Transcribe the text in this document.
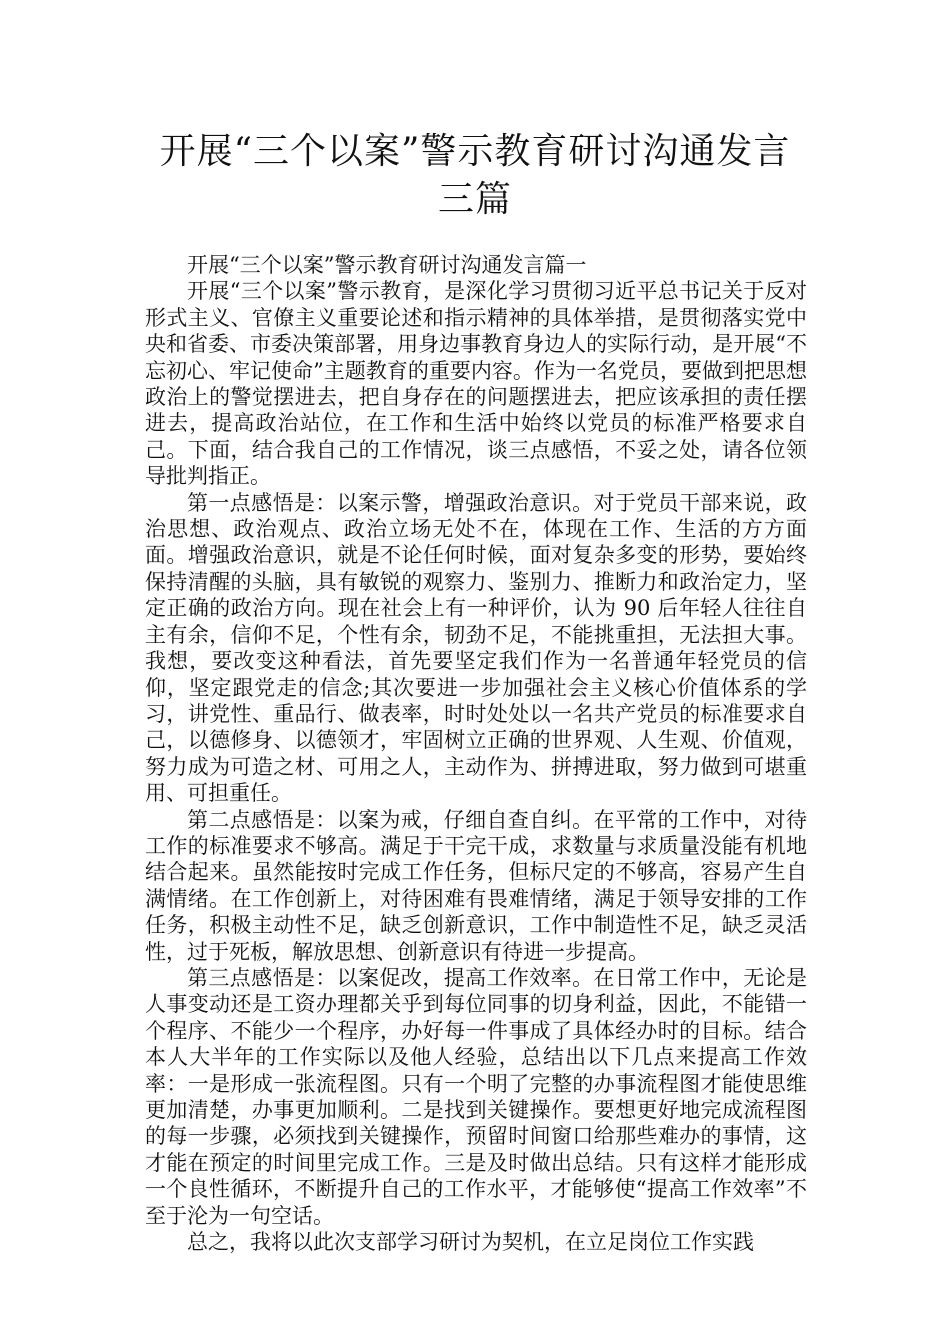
开展“三个以案”警示教育研讨沟通发言
三篇

开展“三个以案”警示教育研讨沟通发言篇一

开展“三个以案”警示教育，是深化学习贯彻习近平总书记关于反对形式主义、官僚主义重要论述和指示精神的具体举措，是贯彻落实党中央和省委、市委决策部署，用身边事教育身边人的实际行动，是开展“不忘初心、牢记使命”主题教育的重要内容。作为一名党员，要做到把思想政治上的警觉摆进去，把自身存在的问题摆进去，把应该承担的责任摆进去，提高政治站位，在工作和生活中始终以党员的标准严格要求自己。下面，结合我自己的工作情况，谈三点感悟，不妥之处，请各位领导批判指正。

第一点感悟是：以案示警，增强政治意识。对于党员干部来说，政治思想、政治观点、政治立场无处不在，体现在工作、生活的方方面面。增强政治意识，就是不论任何时候，面对复杂多变的形势，要始终保持清醒的头脑，具有敏锐的观察力、鉴别力、推断力和政治定力，坚定正确的政治方向。现在社会上有一种评价，认为 90 后年轻人往往自主有余，信仰不足，个性有余，韧劲不足，不能挑重担，无法担大事。我想，要改变这种看法，首先要坚定我们作为一名普通年轻党员的信仰，坚定跟党走的信念;其次要进一步加强社会主义核心价值体系的学习，讲党性、重品行、做表率，时时处处以一名共产党员的标准要求自己，以德修身、以德领才，牢固树立正确的世界观、人生观、价值观，努力成为可造之材、可用之人，主动作为、拼搏进取，努力做到可堪重用、可担重任。

第二点感悟是：以案为戒，仔细自查自纠。在平常的工作中，对待工作的标准要求不够高。满足于干完干成，求数量与求质量没能有机地结合起来。虽然能按时完成工作任务，但标尺定的不够高，容易产生自满情绪。在工作创新上，对待困难有畏难情绪，满足于领导安排的工作任务，积极主动性不足，缺乏创新意识，工作中制造性不足，缺乏灵活性，过于死板，解放思想、创新意识有待进一步提高。

第三点感悟是：以案促改，提高工作效率。在日常工作中，无论是人事变动还是工资办理都关乎到每位同事的切身利益，因此，不能错一个程序、不能少一个程序，办好每一件事成了具体经办时的目标。结合本人大半年的工作实际以及他人经验，总结出以下几点来提高工作效率：一是形成一张流程图。只有一个明了完整的办事流程图才能使思维更加清楚，办事更加顺利。二是找到关键操作。要想更好地完成流程图的每一步骤，必须找到关键操作，预留时间窗口给那些难办的事情，这才能在预定的时间里完成工作。三是及时做出总结。只有这样才能形成一个良性循环，不断提升自己的工作水平，才能够使“提高工作效率”不至于沦为一句空话。

总之，我将以此次支部学习研讨为契机，在立足岗位工作实践
